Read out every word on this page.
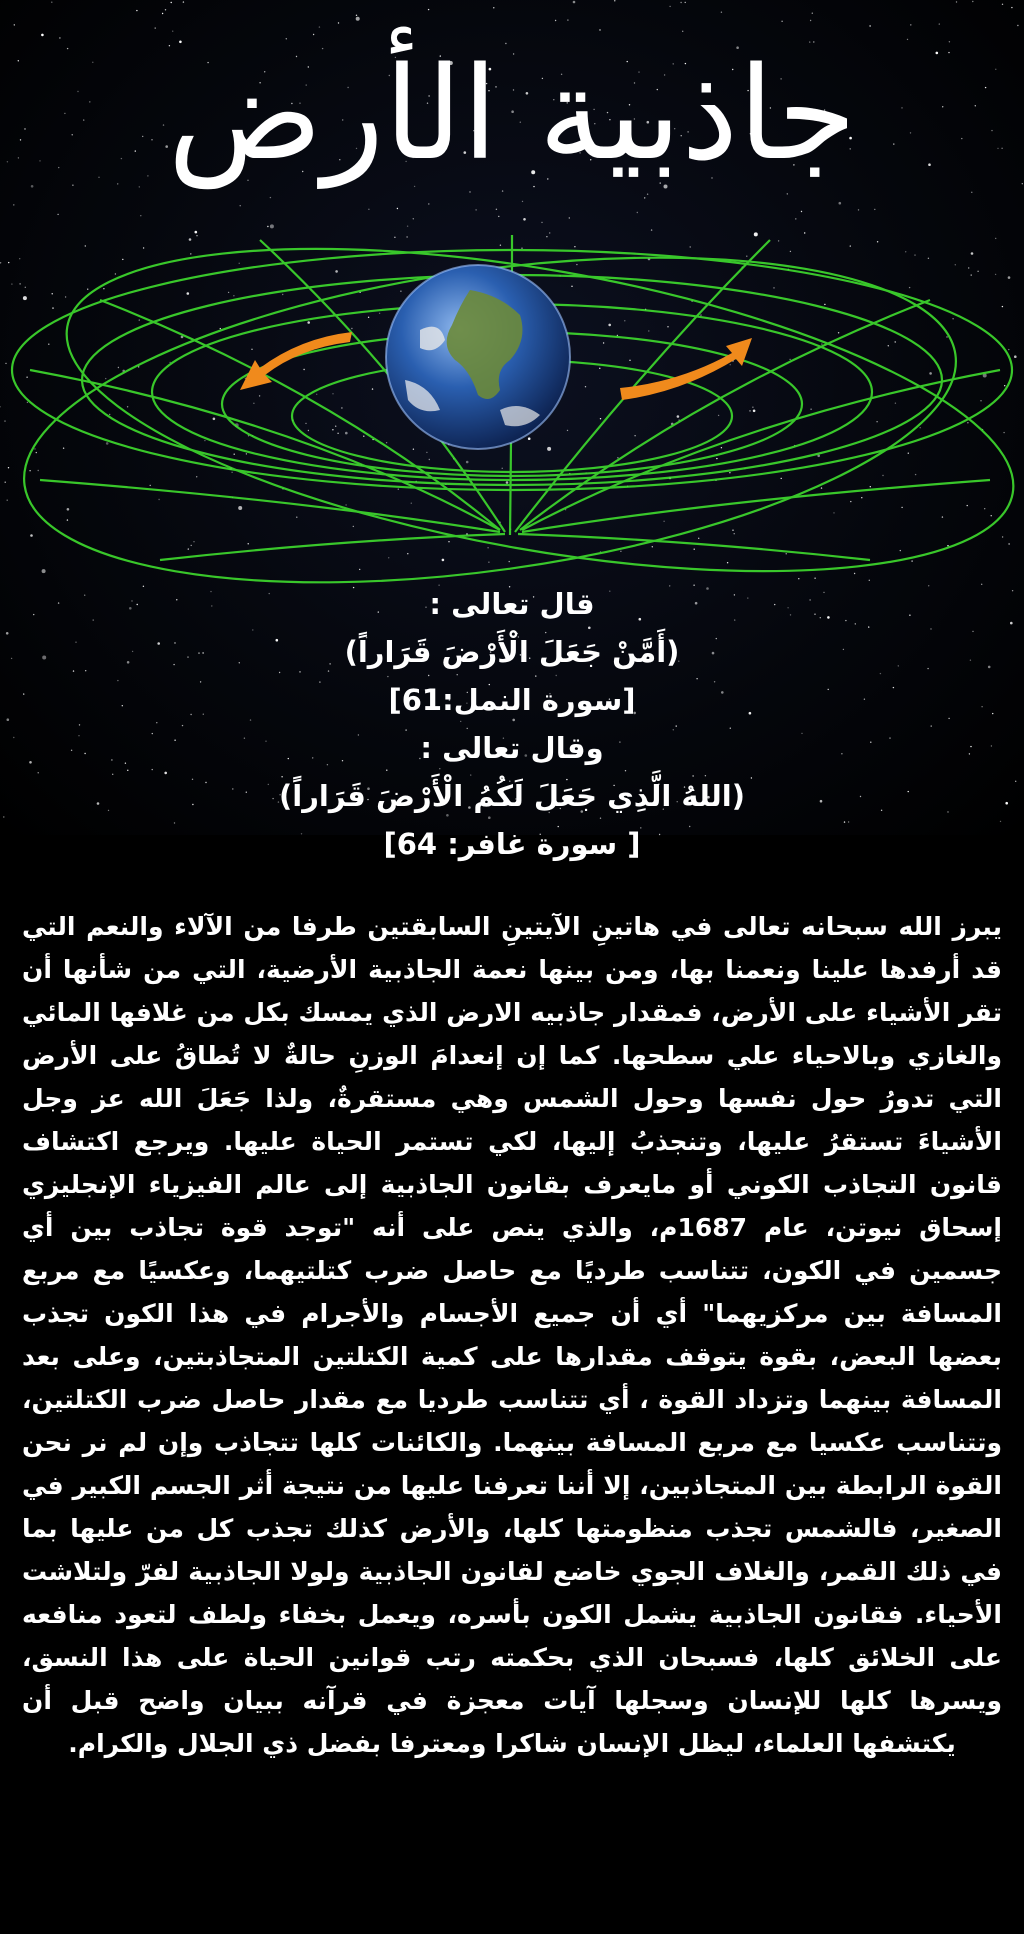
جاذبية الأرض
قال تعالى :
(أَمَّنْ جَعَلَ الْأَرْضَ قَرَاراً)
[سورة النمل:61]
وقال تعالى :
(اللهُ الَّذِي جَعَلَ لَكُمُ الْأَرْضَ قَرَاراً)
[ سورة غافر: 64]

يبرز الله سبحانه تعالى في هاتينِ الآيتينِ السابقتين طرفا من الآلاء والنعم التي قد أرفدها علينا ونعمنا بها، ومن بينها نعمة الجاذبية الأرضية، التي من شأنها أن تقر الأشياء على الأرض، فمقدار جاذبيه الارض الذي يمسك بكل من غلافها المائي والغازي وبالاحياء علي سطحها. كما إن إنعدامَ الوزنِ حالةٌ لا تُطاقُ على الأرض التي تدورُ حول نفسها وحول الشمس وهي مستقرةٌ، ولذا جَعَلَ الله عز وجل الأشياءَ تستقرُ عليها، وتنجذبُ إليها، لكي تستمر الحياة عليها. ويرجع اكتشاف قانون التجاذب الكوني أو مايعرف بقانون الجاذبية إلى عالم الفيزياء الإنجليزي إسحاق نيوتن، عام 1687م، والذي ينص على أنه "توجد قوة تجاذب بين أي جسمين في الكون، تتناسب طرديًا مع حاصل ضرب كتلتيهما، وعكسيًا مع مربع المسافة بين مركزيهما" أي أن جميع الأجسام والأجرام في هذا الكون تجذب بعضها البعض، بقوة يتوقف مقدارها على كمية الكتلتين المتجاذبتين، وعلى بعد المسافة بينهما وتزداد القوة ، أي تتناسب طرديا مع مقدار حاصل ضرب الكتلتين، وتتناسب عكسيا مع مربع المسافة بينهما. والكائنات كلها تتجاذب وإن لم نر نحن القوة الرابطة بين المتجاذبين، إلا أننا تعرفنا عليها من نتيجة أثر الجسم الكبير في الصغير، فالشمس تجذب منظومتها كلها، والأرض كذلك تجذب كل من عليها بما في ذلك القمر، والغلاف الجوي خاضع لقانون الجاذبية ولولا الجاذبية لفرّ ولتلاشت الأحياء. فقانون الجاذبية يشمل الكون بأسره، ويعمل بخفاء ولطف لتعود منافعه على الخلائق كلها، فسبحان الذي بحكمته رتب قوانين الحياة على هذا النسق، ويسرها كلها للإنسان وسجلها آيات معجزة في قرآنه ببيان واضح قبل أن يكتشفها العلماء، ليظل الإنسان شاكرا ومعترفا بفضل ذي الجلال والكرام.
